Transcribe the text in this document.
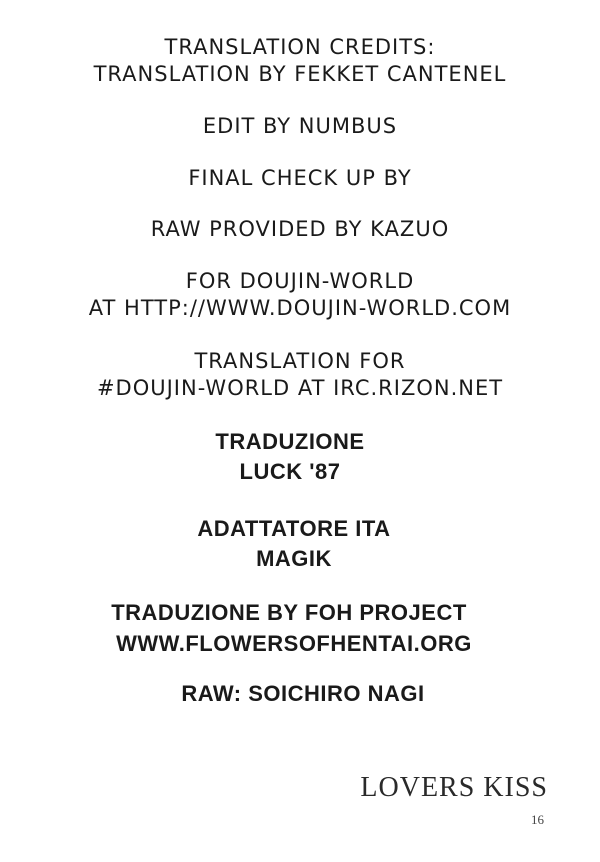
TRANSLATION CREDITS:
TRANSLATION BY FEKKET CANTENEL
EDIT BY NUMBUS
FINAL CHECK UP BY
RAW PROVIDED BY KAZUO
FOR DOUJIN-WORLD
AT HTTP://WWW.DOUJIN-WORLD.COM
TRANSLATION FOR
#DOUJIN-WORLD AT IRC.RIZON.NET
TRADUZIONE
LUCK '87
ADATTATORE ITA
MAGIK
TRADUZIONE BY FOH PROJECT
WWW.FLOWERSOFHENTAI.ORG
RAW: SOICHIRO NAGI
LOVERS KISS
16
